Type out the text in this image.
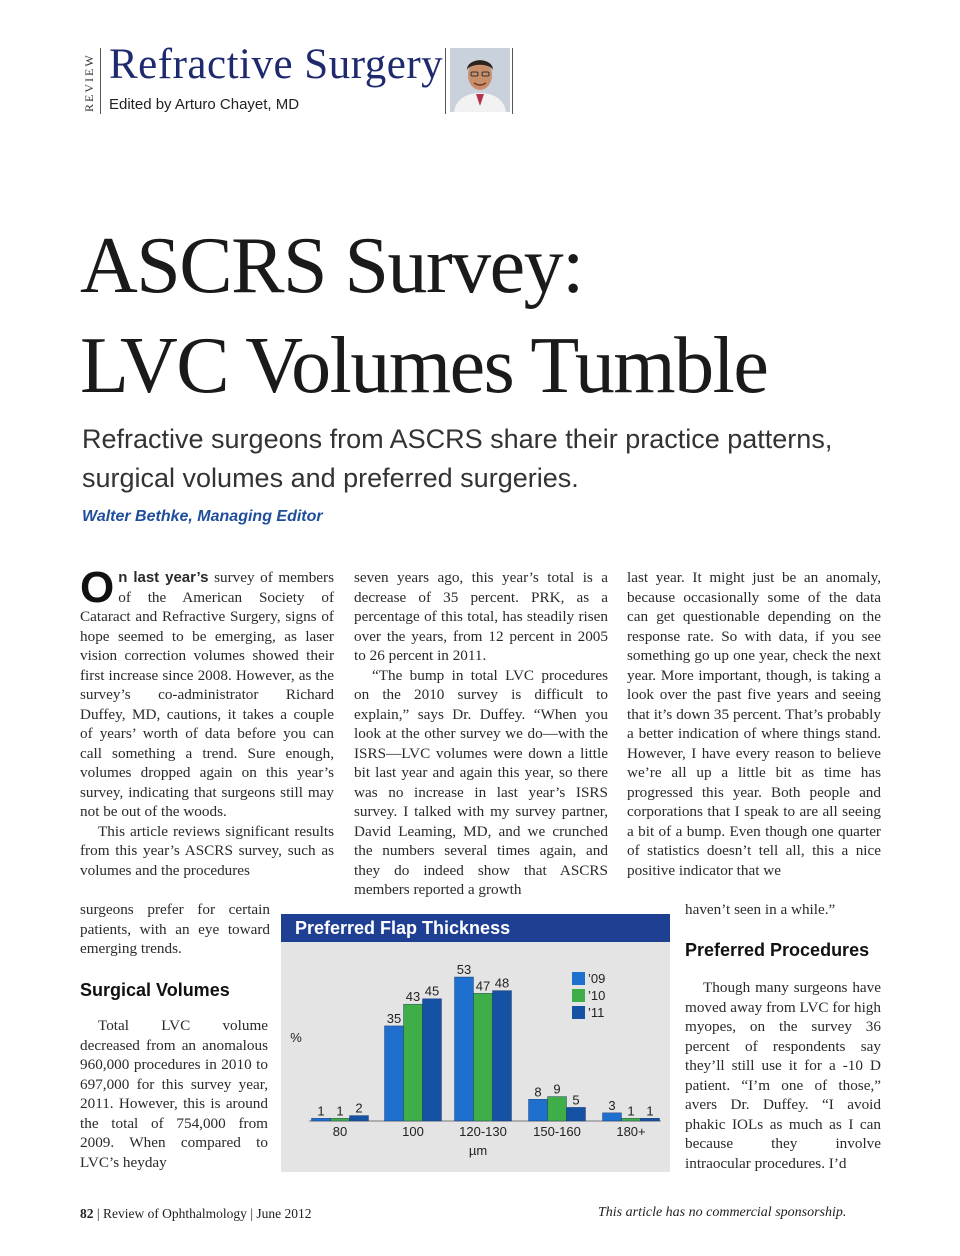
REVIEW Refractive Surgery
Edited by Arturo Chayet, MD
ASCRS Survey:
LVC Volumes Tumble
Refractive surgeons from ASCRS share their practice patterns, surgical volumes and preferred surgeries.
Walter Bethke, Managing Editor

On last year’s survey of members of the American Society of Cataract and Refractive Surgery, signs of hope seemed to be emerging, as laser vision correction volumes showed their first increase since 2008. However, as the survey’s co-administrator Richard Duffey, MD, cautions, it takes a couple of years’ worth of data before you can call something a trend. Sure enough, volumes dropped again on this year’s survey, indicating that surgeons still may not be out of the woods.

This article reviews significant results from this year’s ASCRS survey, such as volumes and the procedures

surgeons prefer for certain patients, with an eye toward emerging trends.

Surgical Volumes

Total LVC volume decreased from an anomalous 960,000 procedures in 2010 to 697,000 for this survey year, 2011. However, this is around the total of 754,000 from 2009. When compared to LVC’s heyday

seven years ago, this year’s total is a decrease of 35 percent. PRK, as a percentage of this total, has steadily risen over the years, from 12 percent in 2005 to 26 percent in 2011.

“The bump in total LVC procedures on the 2010 survey is difficult to explain,” says Dr. Duffey. “When you look at the other survey we do—with the ISRS—LVC volumes were down a little bit last year and again this year, so there was no increase in last year’s ISRS survey. I talked with my survey partner, David Leaming, MD, and we crunched the numbers several times again, and they do indeed show that ASCRS members reported a growth

last year. It might just be an anomaly, because occasionally some of the data can get questionable depending on the response rate. So with data, if you see something go up one year, check the next year. More important, though, is taking a look over the past five years and seeing that it’s down 35 percent. That’s probably a better indication of where things stand. However, I have every reason to believe we’re all up a little bit as time has progressed this year. Both people and corporations that I speak to are all seeing a bit of a bump. Even though one quarter of statistics doesn’t tell all, this a nice positive indicator that we

haven’t seen in a while.”

Preferred Procedures

Though many surgeons have moved away from LVC for high myopes, on the survey 36 percent of respondents say they’ll still use it for a -10 D patient. “I’m one of those,” avers Dr. Duffey. “I avoid phakic IOLs as much as I can because they involve intraocular procedures. I’d

Preferred Flap Thickness
%
µm
1 1 2
80
35
43 45
100
53
47 48
120-130
8 9
5
150-160
3 1 1
180+
’09
’10
’11
82 | Review of Ophthalmology | June 2012	This article has no commercial sponsorship.
